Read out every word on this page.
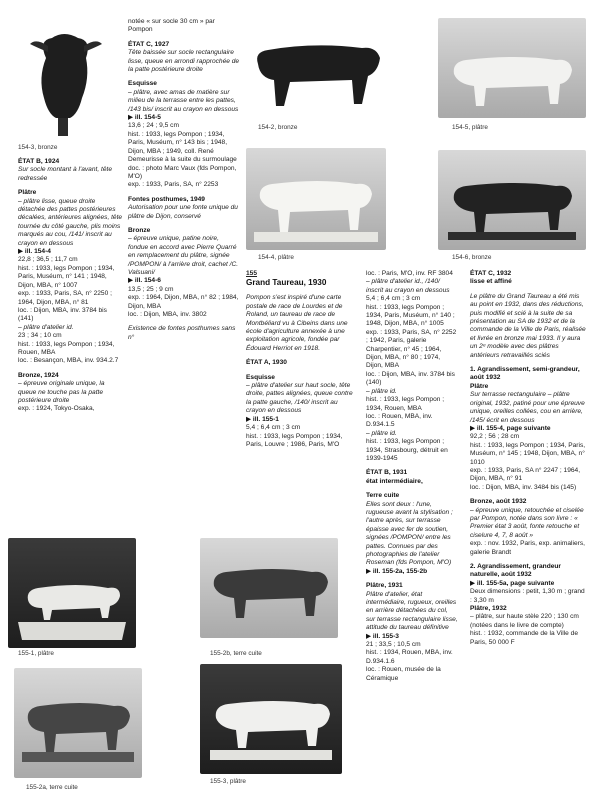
154-3, bronze
154-2, bronze	154-5, plâtre
154-4, plâtre	154-6, bronze
155-1, plâtre	155-2b, terre cuite
155-2a, terre cuite
155-3, plâtre

ÉTAT B, 1924

Sur socle montant à l'avant, tête redressée

Plâtre

– plâtre lisse, queue droite détachée des pattes postérieures décalées, antérieures alignées, tête tournée du côté gauche, plis moins marqués au cou, /141/ inscrit au crayon en dessous

▶ ill. 154-4

22,8 ; 36,5 ; 11,7 cm

hist. : 1933, legs Pompon ; 1934, Paris, Muséum, n° 141 ; 1948, Dijon, MBA, n° 1007

exp. : 1933, Paris, SA, n° 2250 ; 1964, Dijon, MBA, n° 81

loc. : Dijon, MBA, inv. 3784 bis (141)

– plâtre d'atelier id.

23 ; 34 ; 10 cm

hist. : 1933, legs Pompon ; 1934, Rouen, MBA

loc. : Besançon, MBA, inv. 934.2.7

Bronze, 1924

– épreuve originale unique, la queue ne touche pas la patte postérieure droite

exp. : 1924, Tokyo-Osaka,

notée « sur socle 30 cm » par Pompon

ÉTAT C, 1927

Tête baissée sur socle rectangulaire lisse, queue en arrondi rapprochée de la patte postérieure droite

Esquisse

– plâtre, avec amas de matière sur milieu de la terrasse entre les pattes, /143 bis/ inscrit au crayon en dessous

▶ ill. 154-5

13,6 ; 24 ; 9,5 cm

hist. : 1933, legs Pompon ; 1934, Paris, Muséum, n° 143 bis ; 1948, Dijon, MBA ; 1949, coll. René Demeurisse à la suite du surmoulage

doc. : photo Marc Vaux (fds Pompon, M'O)

exp. : 1933, Paris, SA, n° 2253

Fontes posthumes, 1949

Autorisation pour une fonte unique du plâtre de Dijon, conservé

Bronze

– épreuve unique, patine noire, fondue en accord avec Pierre Quarré en remplacement du plâtre, signée /POMPON/ à l'arrière droit, cachet /C. Valsuani/

▶ ill. 154-6

13,5 ; 25 ; 9 cm

exp. : 1964, Dijon, MBA, n° 82 ; 1984, Dijon, MBA

loc. : Dijon, MBA, inv. 3802

Existence de fontes posthumes sans n°

155

Grand Taureau, 1930

Pompon s'est inspiré d'une carte postale de race de Lourdes et de Roland, un taureau de race de Montbéliard vu à Cibeins dans une école d'agriculture annexée à une exploitation agricole, fondée par Édouard Herriot en 1918.

ÉTAT A, 1930

Esquisse

– plâtre d'atelier sur haut socle, tête droite, pattes alignées, queue contre la patte gauche, /140/ inscrit au crayon en dessous

▶ ill. 155-1

5,4 ; 6,4 cm ; 3 cm

hist. : 1933, legs Pompon ; 1934, Paris, Louvre ; 1986, Paris, M'O

loc. : Paris, M'O, inv. RF 3804

– plâtre d'atelier id., /140/ inscrit au crayon en dessous

5,4 ; 6,4 cm ; 3 cm

hist. : 1933, legs Pompon ; 1934, Paris, Muséum, n° 140 ; 1948, Dijon, MBA, n° 1005

exp. : 1933, Paris, SA, n° 2252 ; 1942, Paris, galerie Charpentier, n° 45 ; 1964, Dijon, MBA, n° 80 ; 1974, Dijon, MBA

loc. : Dijon, MBA, inv. 3784 bis (140)

– plâtre id.

hist. : 1933, legs Pompon ; 1934, Rouen, MBA

loc. : Rouen, MBA, inv. D.934.1.5

– plâtre id.

hist. : 1933, legs Pompon ; 1934, Strasbourg, détruit en 1939-1945

ÉTAT B, 1931

état intermédiaire,

Terre cuite

Elles sont deux : l'une, rugueuse avant la stylisation ; l'autre après, sur terrasse épaisse avec fer de soutien, signées /POMPON/ entre les pattes. Connues par des photographies de l'atelier Roseman (fds Pompon, M'O)

▶ ill. 155-2a, 155-2b

Plâtre, 1931

Plâtre d'atelier, état intermédiaire, rugueux, oreilles en arrière détachées du col, sur terrasse rectangulaire lisse, attitude du taureau définitive

▶ ill. 155-3

21 ; 33,5 ; 10,5 cm

hist. : 1934, Rouen, MBA, inv. D.934.1.6

loc. : Rouen, musée de la Céramique

ÉTAT C, 1932

lisse et affiné

Le plâtre du Grand Taureau a été mis au point en 1932, dans des réductions, puis modifié et scié à la suite de sa présentation au SA de 1932 et de la commande de la Ville de Paris, réalisée et livrée en bronze mai 1933. Il y aura un 2ᵉ modèle avec des plâtres antérieurs retravaillés sciés

1. Agrandissement, semi-grandeur, août 1932

Plâtre

Sur terrasse rectangulaire – plâtre original, 1932, patiné pour une épreuve unique, oreilles collées, cou en arrière, /145/ écrit en dessous

▶ ill. 155-4, page suivante

92,2 ; 56 ; 28 cm

hist. : 1933, legs Pompon ; 1934, Paris, Muséum, n° 145 ; 1948, Dijon, MBA, n° 1010

exp. : 1933, Paris, SA n° 2247 ; 1964, Dijon, MBA, n° 91

loc. : Dijon, MBA, inv. 3484 bis (145)

Bronze, août 1932

– épreuve unique, retouchée et ciselée par Pompon, notée dans son livre : « Premier état 3 août, fonte retouche et ciselure 4, 7, 8 août »

exp. : nov. 1932, Paris, exp. animaliers, galerie Brandt

2. Agrandissement, grandeur naturelle, août 1932

▶ ill. 155-5a, page suivante

Deux dimensions : petit, 1,30 m ; grand : 3,30 m

Plâtre, 1932

– plâtre, sur haute stèle 220 ; 130 cm (notées dans le livre de compte)

hist. : 1932, commande de la Ville de Paris, 50 000 F
